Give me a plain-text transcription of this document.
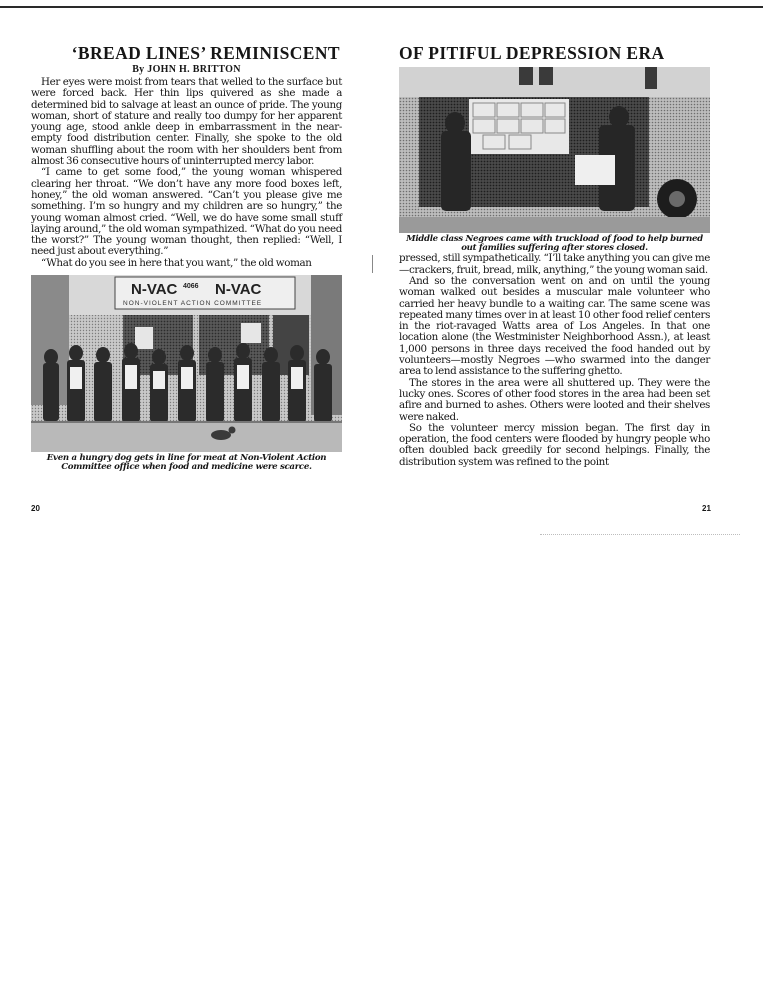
‘BREAD LINES’ REMINISCENT
By JOHN H. BRITTON

Her eyes were moist from tears that welled to the surface but were forced back. Her thin lips quivered as she made a determined bid to salvage at least an ounce of pride. The young woman, short of stature and really too dumpy for her apparent young age, stood ankle deep in embarrassment in the near-empty food distribution center. Finally, she spoke to the old woman shuffling about the room with her shoulders bent from almost 36 consecutive hours of uninterrupted mercy labor.

“I came to get some food,” the young woman whispered clearing her throat. “We don’t have any more food boxes left, honey,” the old woman answered. “Can’t you please give me something. I’m so hungry and my children are so hungry,” the young woman almost cried. “Well, we do have some small stuff laying around,” the old woman sympathized. “What do you need the worst?” The young woman thought, then replied: “Well, I need just about everything.”

“What do you see in here that you want,” the old woman

N-VAC 4066 N-VAC
NON-VIOLENT ACTION COMMITTEE

Even a hungry dog gets in line for meat at Non-Violent Action Committee office when food and medicine were scarce.

20
OF PITIFUL DEPRESSION ERA

Middle class Negroes came with truckload of food to help burned out families suffering after stores closed.

pressed, still sympathetically. “I’ll take anything you can give me—crackers, fruit, bread, milk, anything,” the young woman said.

And so the conversation went on and on until the young woman walked out besides a muscular male volunteer who carried her heavy bundle to a waiting car. The same scene was repeated many times over in at least 10 other food relief centers in the riot-ravaged Watts area of Los Angeles. In that one location alone (the Westminister Neighborhood Assn.), at least 1,000 persons in three days received the food handed out by volunteers—mostly Negroes —who swarmed into the danger area to lend assistance to the suffering ghetto.

The stores in the area were all shuttered up. They were the lucky ones. Scores of other food stores in the area had been set afire and burned to ashes. Others were looted and their shelves were naked.

So the volunteer mercy mission began. The first day in operation, the food centers were flooded by hungry people who often doubled back greedily for second helpings. Finally, the distribution system was refined to the point

21
